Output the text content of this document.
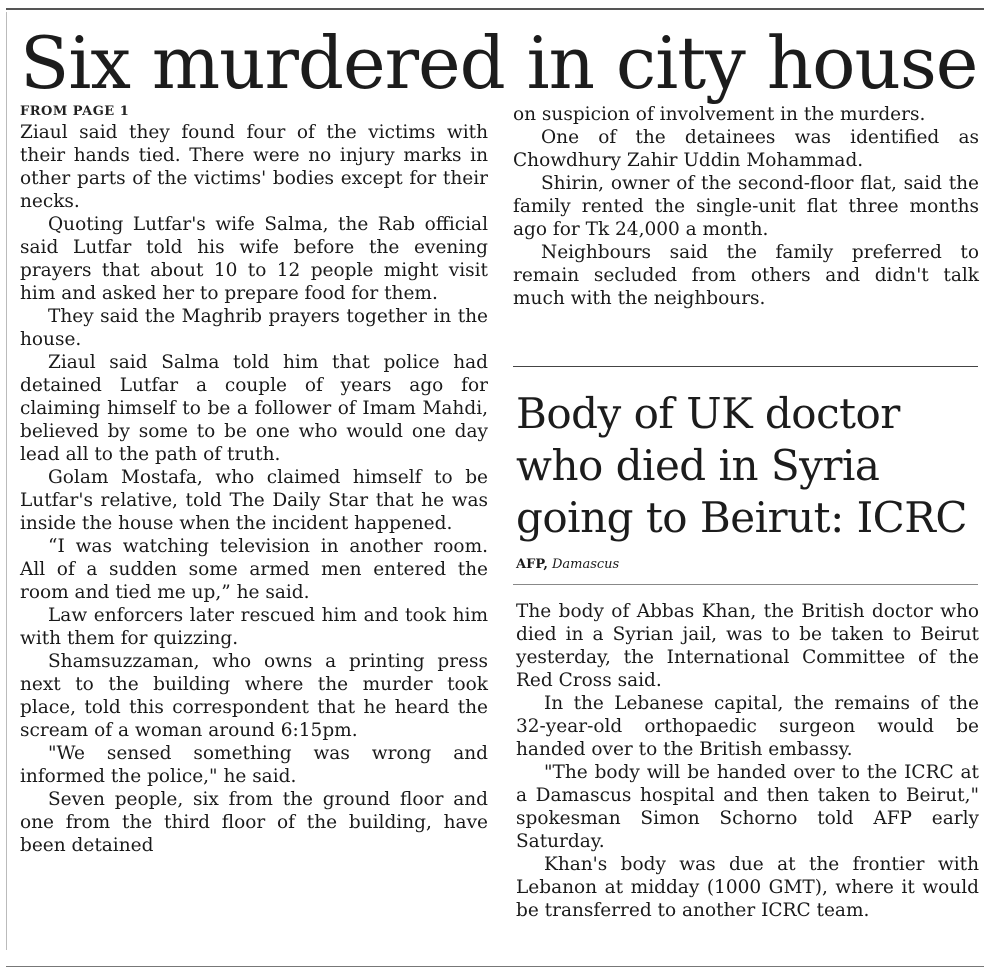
Six murdered in city house

FROM PAGE 1

Ziaul said they found four of the victims with their hands tied. There were no injury marks in other parts of the victims' bodies except for their necks.

Quoting Lutfar's wife Salma, the Rab official said Lutfar told his wife before the evening prayers that about 10 to 12 people might visit him and asked her to prepare food for them.

They said the Maghrib prayers together in the house.

Ziaul said Salma told him that police had detained Lutfar a couple of years ago for claiming himself to be a follower of Imam Mahdi, believed by some to be one who would one day lead all to the path of truth.

Golam Mostafa, who claimed himself to be Lutfar's relative, told The Daily Star that he was inside the house when the incident happened.

“I was watching television in another room. All of a sudden some armed men entered the room and tied me up,” he said.

Law enforcers later rescued him and took him with them for quizzing.

Shamsuzzaman, who owns a printing press next to the building where the murder took place, told this correspondent that he heard the scream of a woman around 6:15pm.

"We sensed something was wrong and informed the police," he said.

Seven people, six from the ground floor and one from the third floor of the building, have been detained

on suspicion of involvement in the murders.

One of the detainees was identified as Chowdhury Zahir Uddin Mohammad.

Shirin, owner of the second-floor flat, said the family rented the single-unit flat three months ago for Tk 24,000 a month.

Neighbours said the family preferred to remain secluded from others and didn't talk much with the neighbours.

Body of UK doctor who died in Syria going to Beirut: ICRC

AFP, Damascus

The body of Abbas Khan, the British doctor who died in a Syrian jail, was to be taken to Beirut yesterday, the International Committee of the Red Cross said.

In the Lebanese capital, the remains of the 32-year-old orthopaedic surgeon would be handed over to the British embassy.

"The body will be handed over to the ICRC at a Damascus hospital and then taken to Beirut," spokesman Simon Schorno told AFP early Saturday.

Khan's body was due at the frontier with Lebanon at midday (1000 GMT), where it would be transferred to another ICRC team.
